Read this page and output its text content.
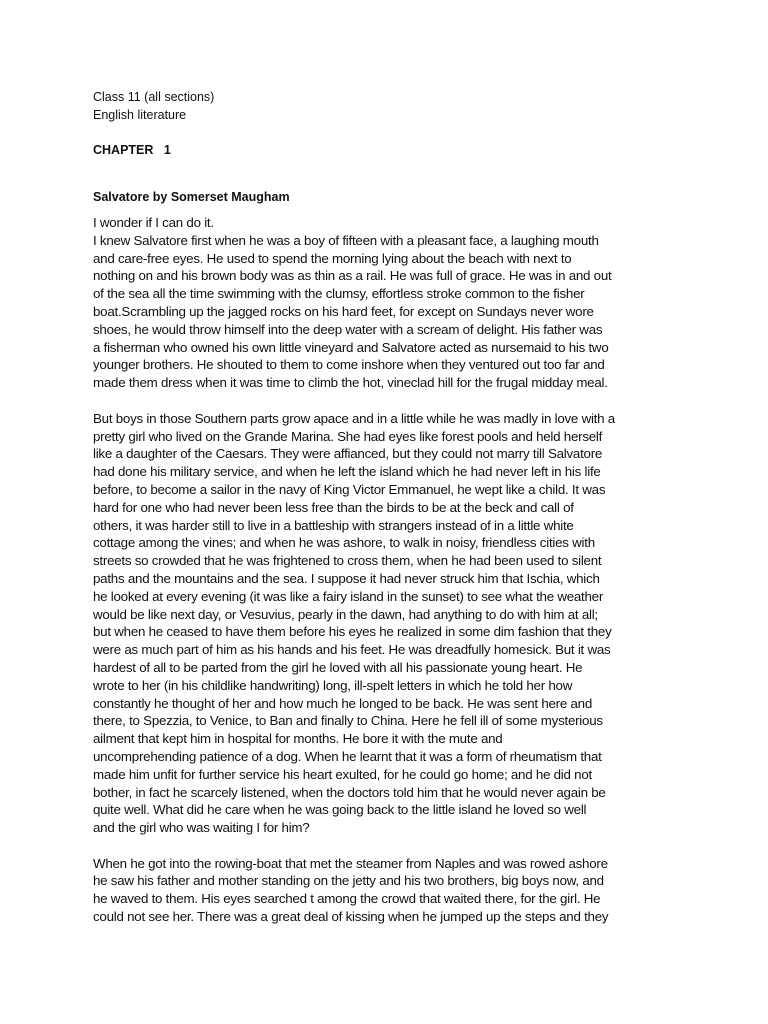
Class 11 (all sections)

English literature

CHAPTER   1

Salvatore by Somerset Maugham

I wonder if I can do it.
I knew Salvatore first when he was a boy of fifteen with a pleasant face, a laughing mouth
and care-free eyes. He used to spend the morning lying about the beach with next to
nothing on and his brown body was as thin as a rail. He was full of grace. He was in and out
of the sea all the time swimming with the clumsy, effortless stroke common to the fisher
boat.Scrambling up the jagged rocks on his hard feet, for except on Sundays never wore
shoes, he would throw himself into the deep water with a scream of delight. His father was
a fisherman who owned his own little vineyard and Salvatore acted as nursemaid to his two
younger brothers. He shouted to them to come inshore when they ventured out too far and
made them dress when it was time to climb the hot, vineclad hill for the frugal midday meal.
But boys in those Southern parts grow apace and in a little while he was madly in love with a
pretty girl who lived on the Grande Marina. She had eyes like forest pools and held herself
like a daughter of the Caesars. They were affianced, but they could not marry till Salvatore
had done his military service, and when he left the island which he had never left in his life
before, to become a sailor in the navy of King Victor Emmanuel, he wept like a child. It was
hard for one who had never been less free than the birds to be at the beck and call of
others, it was harder still to live in a battleship with strangers instead of in a little white
cottage among the vines; and when he was ashore, to walk in noisy, friendless cities with
streets so crowded that he was frightened to cross them, when he had been used to silent
paths and the mountains and the sea. I suppose it had never struck him that Ischia, which
he looked at every evening (it was like a fairy island in the sunset) to see what the weather
would be like next day, or Vesuvius, pearly in the dawn, had anything to do with him at all;
but when he ceased to have them before his eyes he realized in some dim fashion that they
were as much part of him as his hands and his feet. He was dreadfully homesick. But it was
hardest of all to be parted from the girl he loved with all his passionate young heart. He
wrote to her (in his childlike handwriting) long, ill-spelt letters in which he told her how
constantly he thought of her and how much he longed to be back. He was sent here and
there, to Spezzia, to Venice, to Ban and finally to China. Here he fell ill of some mysterious
ailment that kept him in hospital for months. He bore it with the mute and
uncomprehending patience of a dog. When he learnt that it was a form of rheumatism that
made him unfit for further service his heart exulted, for he could go home; and he did not
bother, in fact he scarcely listened, when the doctors told him that he would never again be
quite well. What did he care when he was going back to the little island he loved so well
and the girl who was waiting I for him?
When he got into the rowing-boat that met the steamer from Naples and was rowed ashore
he saw his father and mother standing on the jetty and his two brothers, big boys now, and
he waved to them. His eyes searched t among the crowd that waited there, for the girl. He
could not see her. There was a great deal of kissing when he jumped up the steps and they
